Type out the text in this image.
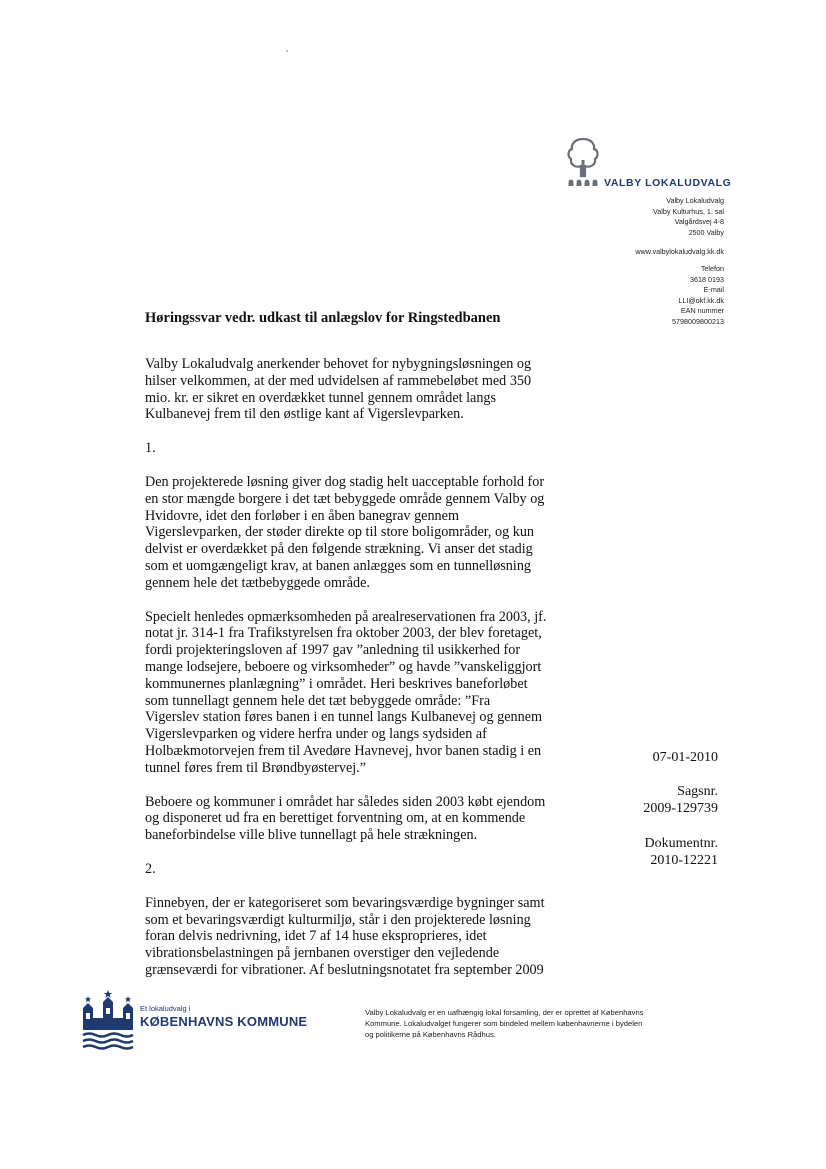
VALBY LOKALUDVALG
Valby Lokaludvalg
Valby Kulturhus, 1. sal
Valgårdsvej 4-8
2500 Valby
www.valbylokaludvalg.kk.dk
Telefon
3618 0193
E-mail
LLI@okf.kk.dk
EAN nummer
5798009800213
Høringssvar vedr. udkast til anlægslov for Ringstedbanen
Valby Lokaludvalg anerkender behovet for nybygningsløsningen og
hilser velkommen, at der med udvidelsen af rammebeløbet med 350
mio. kr. er sikret en overdækket tunnel gennem området langs
Kulbanevej frem til den østlige kant af Vigerslevparken.
1.
Den projekterede løsning giver dog stadig helt uacceptable forhold for
en stor mængde borgere i det tæt bebyggede område gennem Valby og
Hvidovre, idet den forløber i en åben banegrav gennem
Vigerslevparken, der støder direkte op til store boligområder, og kun
delvist er overdækket på den følgende strækning. Vi anser det stadig
som et uomgængeligt krav, at banen anlægges som en tunnelløsning
gennem hele det tætbebyggede område.
Specielt henledes opmærksomheden på arealreservationen fra 2003, jf.
notat jr. 314-1 fra Trafikstyrelsen fra oktober 2003, der blev foretaget,
fordi projekteringsloven af 1997 gav ”anledning til usikkerhed for
mange lodsejere, beboere og virksomheder” og havde ”vanskeliggjort
kommunernes planlægning” i området. Heri beskrives baneforløbet
som tunnellagt gennem hele det tæt bebyggede område: ”Fra
Vigerslev station føres banen i en tunnel langs Kulbanevej og gennem
Vigerslevparken og videre herfra under og langs sydsiden af
Holbækmotorvejen frem til Avedøre Havnevej, hvor banen stadig i en
tunnel føres frem til Brøndbyøstervej.”
Beboere og kommuner i området har således siden 2003 købt ejendom
og disponeret ud fra en berettiget forventning om, at en kommende
baneforbindelse ville blive tunnellagt på hele strækningen.
2.
Finnebyen, der er kategoriseret som bevaringsværdige bygninger samt
som et bevaringsværdigt kulturmiljø, står i den projekterede løsning
foran delvis nedrivning, idet 7 af 14 huse eksproprieres, idet
vibrationsbelastningen på jernbanen overstiger den vejledende
grænseværdi for vibrationer. Af beslutningsnotatet fra september 2009
07-01-2010
Sagsnr.
2009-129739
Dokumentnr.
2010-12221
Et lokaludvalg i
KØBENHAVNS KOMMUNE
Valby Lokaludvalg er en uafhængig lokal forsamling, der er oprettet af Københavns
Kommune. Lokaludvalget fungerer som bindeled mellem københavnerne i bydelen
og politikerne på Københavns Rådhus.
